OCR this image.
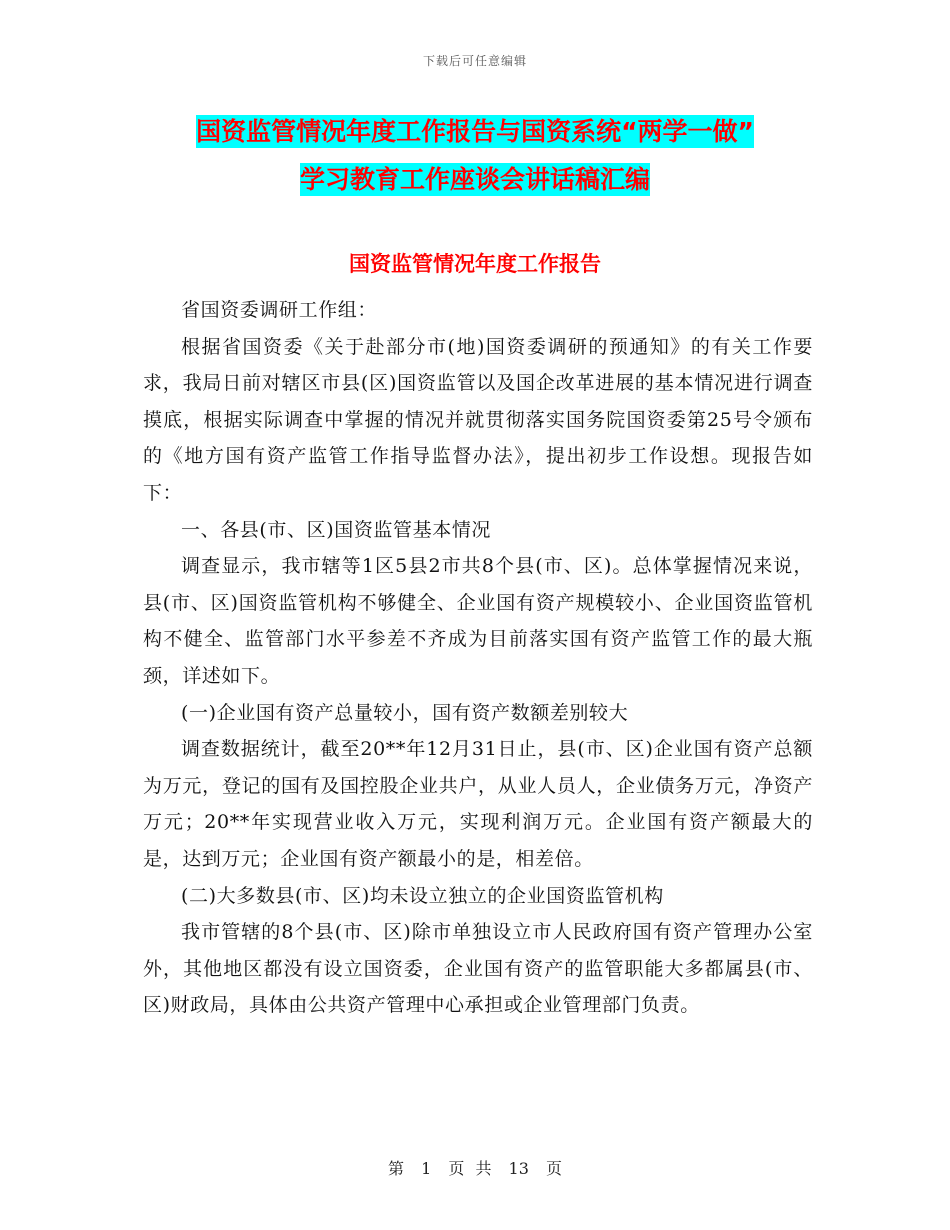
下载后可任意编辑
国资监管情况年度工作报告与国资系统“两学一做”
学习教育工作座谈会讲话稿汇编
国资监管情况年度工作报告

省国资委调研工作组：

根据省国资委《关于赴部分市(地)国资委调研的预通知》的有关工作要求，我局日前对辖区市县(区)国资监管以及国企改革进展的基本情况进行调查摸底，根据实际调查中掌握的情况并就贯彻落实国务院国资委第25号令颁布的《地方国有资产监管工作指导监督办法》，提出初步工作设想。现报告如下：

一、各县(市、区)国资监管基本情况

调查显示，我市辖等1区5县2市共8个县(市、区)。总体掌握情况来说，县(市、区)国资监管机构不够健全、企业国有资产规模较小、企业国资监管机构不健全、监管部门水平参差不齐成为目前落实国有资产监管工作的最大瓶颈，详述如下。

(一)企业国有资产总量较小，国有资产数额差别较大

调查数据统计，截至20**年12月31日止，县(市、区)企业国有资产总额为万元，登记的国有及国控股企业共户，从业人员人，企业债务万元，净资产万元；20**年实现营业收入万元，实现利润万元。企业国有资产额最大的是，达到万元；企业国有资产额最小的是，相差倍。

(二)大多数县(市、区)均未设立独立的企业国资监管机构

我市管辖的8个县(市、区)除市单独设立市人民政府国有资产管理办公室外，其他地区都没有设立国资委，企业国有资产的监管职能大多都属县(市、区)财政局，具体由公共资产管理中心承担或企业管理部门负责。

第 1 页 共 13 页
